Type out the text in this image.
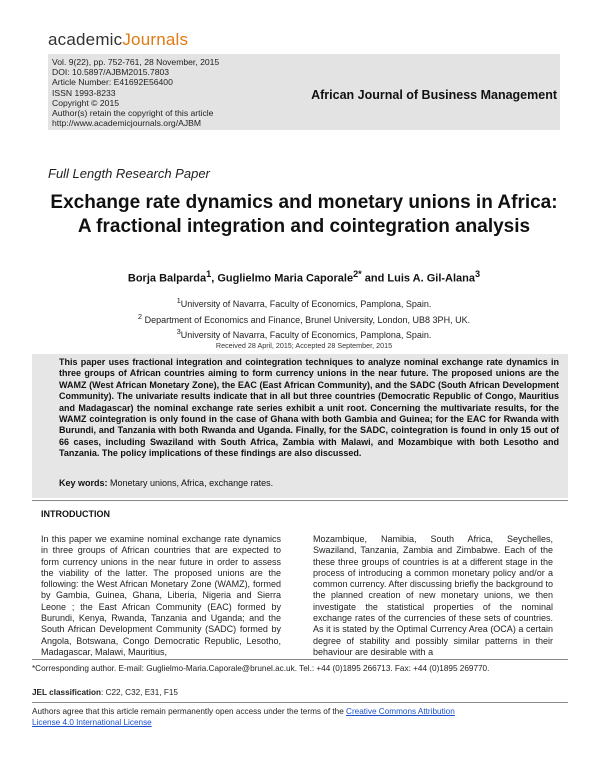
academicJournals
Vol. 9(22), pp. 752-761, 28 November, 2015
DOI: 10.5897/AJBM2015.7803
Article Number: E41692E56400
ISSN 1993-8233
Copyright © 2015
Author(s) retain the copyright of this article
http://www.academicjournals.org/AJBM
African Journal of Business Management
Full Length Research Paper
Exchange rate dynamics and monetary unions in Africa: A fractional integration and cointegration analysis
Borja Balparda$^1$, Guglielmo Maria Caporale$^{2*}$ and Luis A. Gil-Alana$^3$
$^1$University of Navarra, Faculty of Economics, Pamplona, Spain.
$^2$ Department of Economics and Finance, Brunel University, London, UB8 3PH, UK.
$^3$University of Navarra, Faculty of Economics, Pamplona, Spain.
Received 28 April, 2015; Accepted 28 September, 2015
This paper uses fractional integration and cointegration techniques to analyze nominal exchange rate dynamics in three groups of African countries aiming to form currency unions in the near future. The proposed unions are the WAMZ (West African Monetary Zone), the EAC (East African Community), and the SADC (South African Development Community). The univariate results indicate that in all but three countries (Democratic Republic of Congo, Mauritius and Madagascar) the nominal exchange rate series exhibit a unit root. Concerning the multivariate results, for the WAMZ cointegration is only found in the case of Ghana with both Gambia and Guinea; for the EAC for Rwanda with Burundi, and Tanzania with both Rwanda and Uganda. Finally, for the SADC, cointegration is found in only 15 out of 66 cases, including Swaziland with South Africa, Zambia with Malawi, and Mozambique with both Lesotho and Tanzania. The policy implications of these findings are also discussed.
Key words: Monetary unions, Africa, exchange rates.
INTRODUCTION
In this paper we examine nominal exchange rate dynamics in three groups of African countries that are expected to form currency unions in the near future in order to assess the viability of the latter. The proposed unions are the following: the West African Monetary Zone (WAMZ), formed by Gambia, Guinea, Ghana, Liberia, Nigeria and Sierra Leone ; the East African Community (EAC) formed by Burundi, Kenya, Rwanda, Tanzania and Uganda; and the South African Development Community (SADC) formed by Angola, Botswana, Congo Democratic Republic, Lesotho, Madagascar, Malawi, Mauritius,
Mozambique, Namibia, South Africa, Seychelles, Swaziland, Tanzania, Zambia and Zimbabwe. Each of the these three groups of countries is at a different stage in the process of introducing a common monetary policy and/or a common currency. After discussing briefly the background to the planned creation of new monetary unions, we then investigate the statistical properties of the nominal exchange rates of the currencies of these sets of countries. As it is stated by the Optimal Currency Area (OCA) a certain degree of stability and possibly similar patterns in their behaviour are desirable with a
*Corresponding author. E-mail: Guglielmo-Maria.Caporale@brunel.ac.uk. Tel.: +44 (0)1895 266713. Fax: +44 (0)1895 269770.
JEL classification: C22, C32, E31, F15
Authors agree that this article remain permanently open access under the terms of the Creative Commons Attribution
License 4.0 International License
